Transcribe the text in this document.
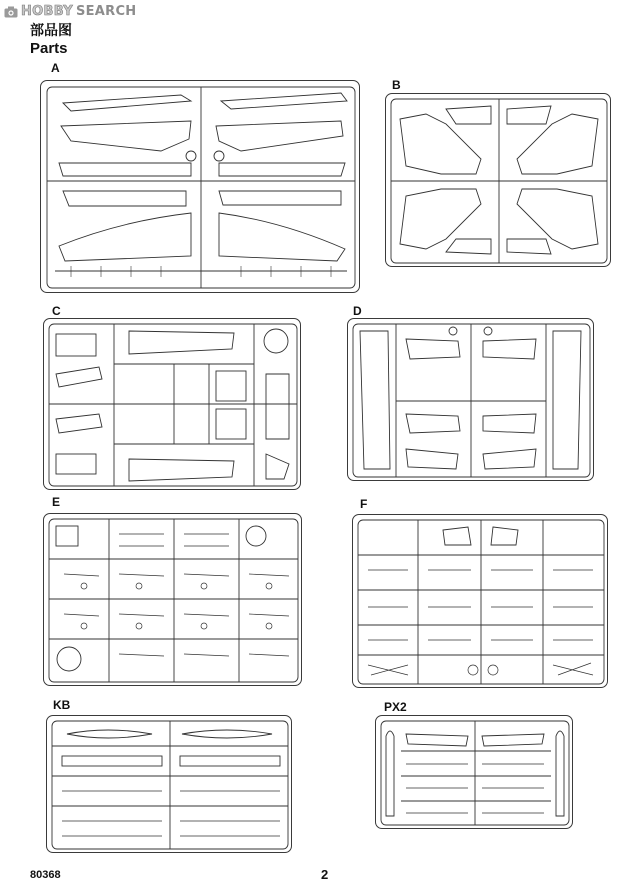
HOBBY SEARCH
部品图
Parts
A
B
C	D
E	F
KB	PX2
80368	2
